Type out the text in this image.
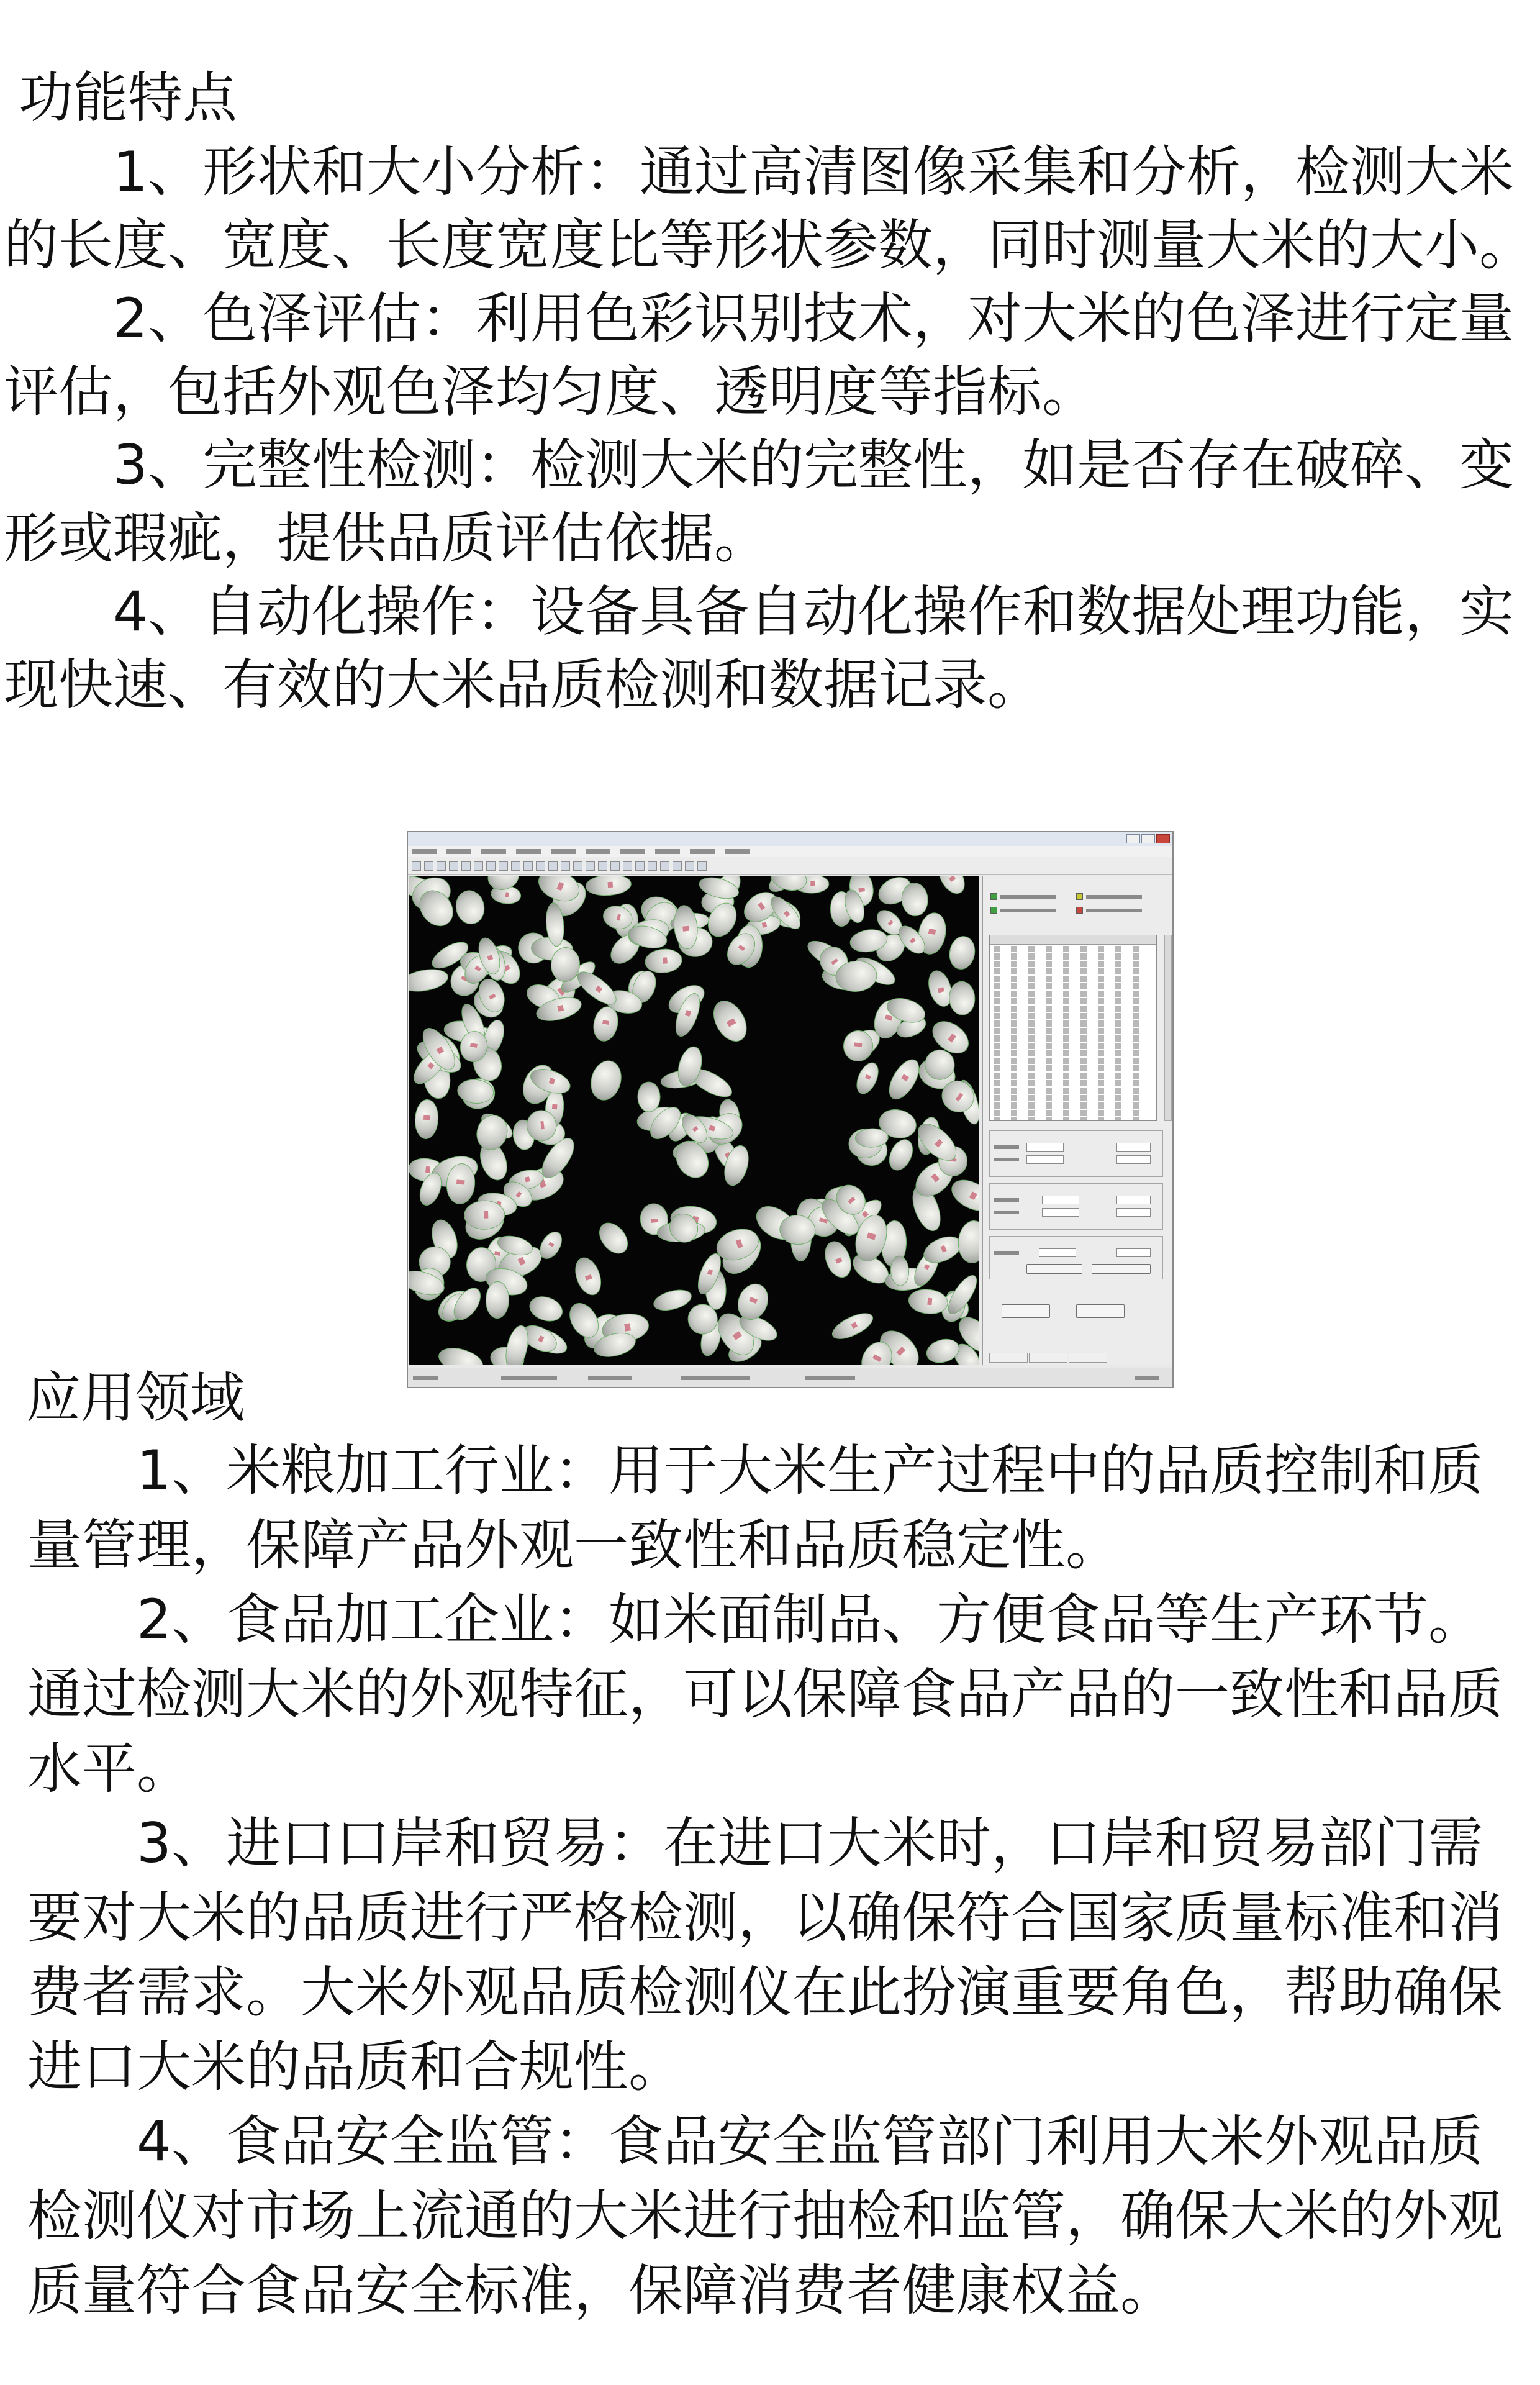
功能特点

1、形状和大小分析：通过高清图像采集和分析，检测大米的长度、宽度、长度宽度比等形状参数，同时测量大米的大小。

2、色泽评估：利用色彩识别技术，对大米的色泽进行定量评估，包括外观色泽均匀度、透明度等指标。

3、完整性检测：检测大米的完整性，如是否存在破碎、变形或瑕疵，提供品质评估依据。

4、自动化操作：设备具备自动化操作和数据处理功能，实现快速、有效的大米品质检测和数据记录。

应用领域

1、米粮加工行业：用于大米生产过程中的品质控制和质量管理，保障产品外观一致性和品质稳定性。

2、食品加工企业：如米面制品、方便食品等生产环节。通过检测大米的外观特征，可以保障食品产品的一致性和品质水平。

3、进口口岸和贸易：在进口大米时，口岸和贸易部门需要对大米的品质进行严格检测，以确保符合国家质量标准和消费者需求。大米外观品质检测仪在此扮演重要角色，帮助确保进口大米的品质和合规性。

4、食品安全监管：食品安全监管部门利用大米外观品质检测仪对市场上流通的大米进行抽检和监管，确保大米的外观质量符合食品安全标准，保障消费者健康权益。
